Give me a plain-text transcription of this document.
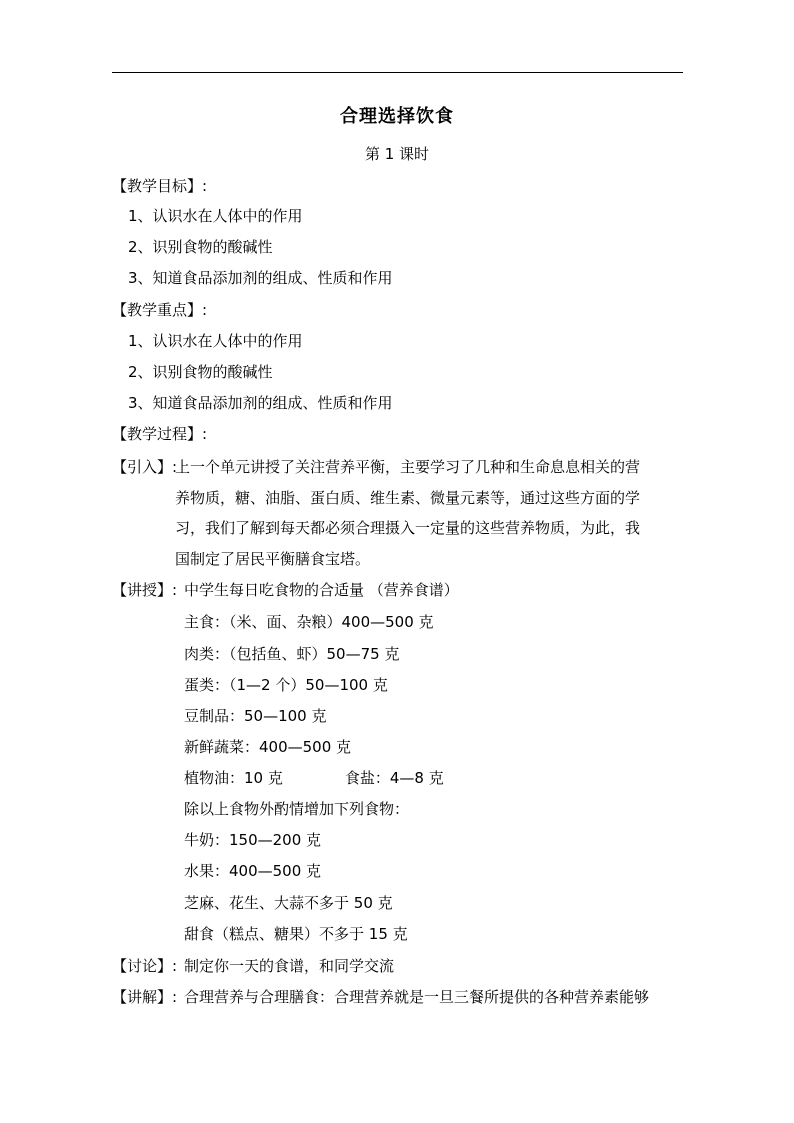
合理选择饮食
第 1 课时
【教学目标】:
1、认识水在人体中的作用
2、识别食物的酸碱性
3、知道食品添加剂的组成、性质和作用
【教学重点】:
1、认识水在人体中的作用
2、识别食物的酸碱性
3、知道食品添加剂的组成、性质和作用
【教学过程】:
【引入】:
上一个单元讲授了关注营养平衡，主要学习了几种和生命息息相关的营
养物质，糖、油脂、蛋白质、维生素、微量元素等，通过这些方面的学
习，我们了解到每天都必须合理摄入一定量的这些营养物质，为此，我
国制定了居民平衡膳食宝塔。
【讲授】: 中学生每日吃食物的合适量 （营养食谱）
主食：（米、面、杂粮）400—500 克
肉类：（包括鱼、虾）50—75 克
蛋类：（1—2 个）50—100 克
豆制品：50—100 克
新鲜蔬菜：400—500 克
植物油：10 克	食盐：4—8 克
除以上食物外酌情增加下列食物：
牛奶：150—200 克
水果：400—500 克
芝麻、花生、大蒜不多于 50 克
甜食（糕点、糖果）不多于 15 克
【讨论】: 制定你一天的食谱，和同学交流
【讲解】: 合理营养与合理膳食：合理营养就是一旦三餐所提供的各种营养素能够
